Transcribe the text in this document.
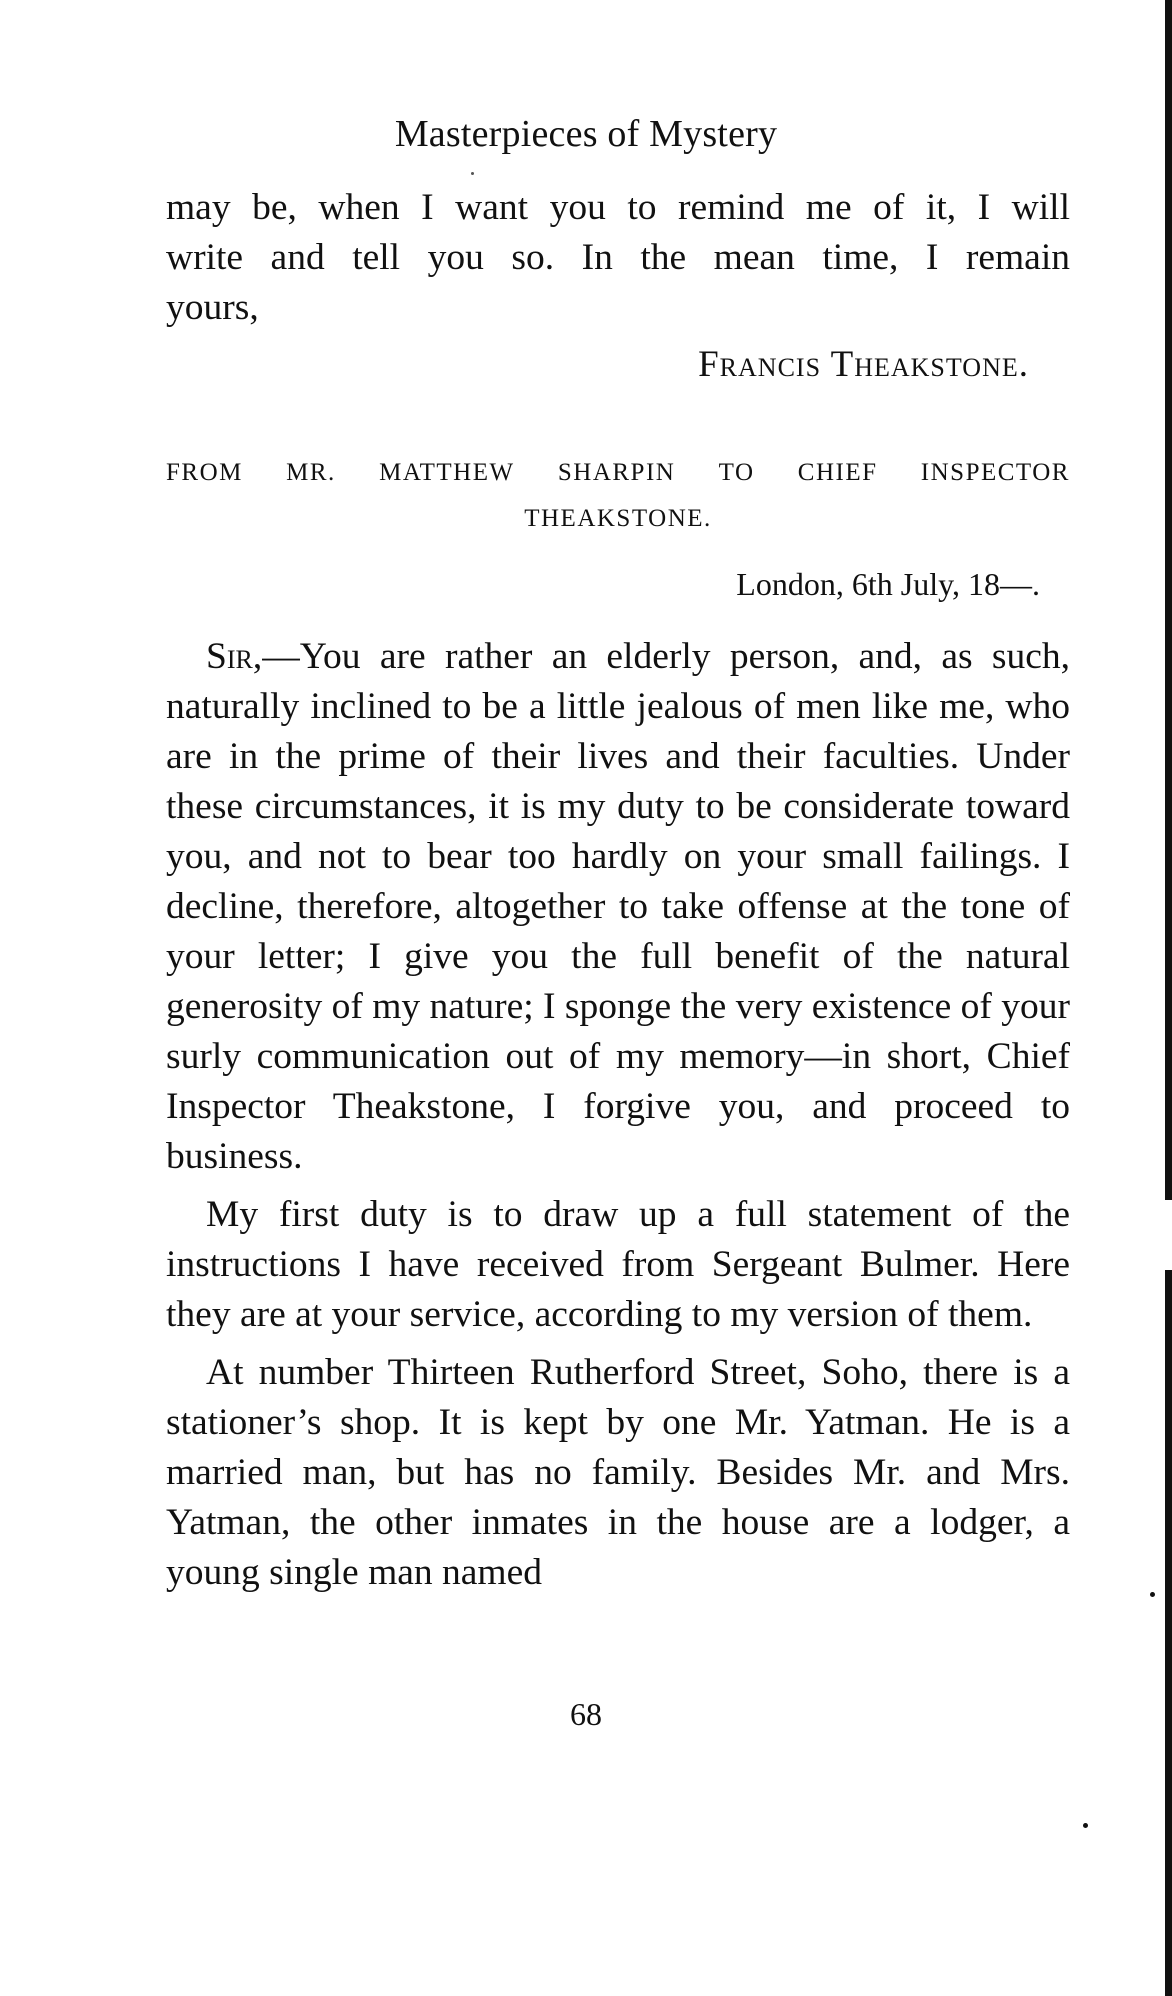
Masterpieces of Mystery
may be, when I want you to remind me of it, I will
write and tell you so. In the mean time, I remain
yours,
Francis Theakstone.
FROM MR. MATTHEW SHARPIN TO CHIEF INSPECTOR
THEAKSTONE.
London, 6th July, 18—.

Sir,—You are rather an elderly person, and, as such, naturally inclined to be a little jealous of men like me, who are in the prime of their lives and their faculties. Under these circumstances, it is my duty to be considerate toward you, and not to bear too hardly on your small failings. I decline, therefore, altogether to take offense at the tone of your letter; I give you the full benefit of the natural generosity of my nature; I sponge the very existence of your surly communication out of my memory—in short, Chief Inspector Theakstone, I forgive you, and proceed to business.

My first duty is to draw up a full statement of the instructions I have received from Sergeant Bulmer. Here they are at your service, according to my version of them.

At number Thirteen Rutherford Street, Soho, there is a stationer’s shop. It is kept by one Mr. Yatman. He is a married man, but has no family. Besides Mr. and Mrs. Yatman, the other inmates in the house are a lodger, a young single man named

68
